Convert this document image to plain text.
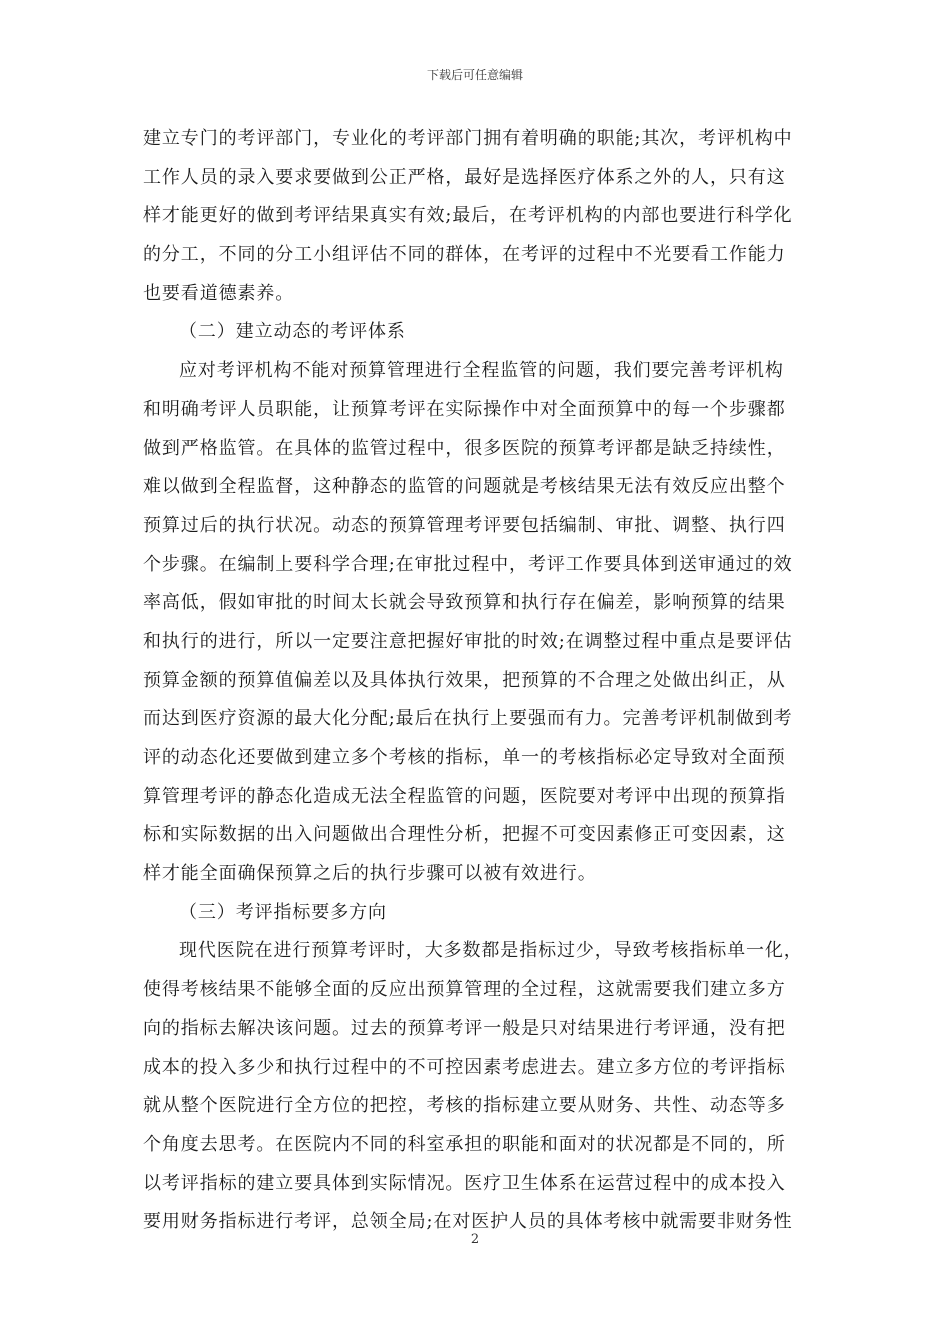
下载后可任意编辑
建立专门的考评部门，专业化的考评部门拥有着明确的职能;其次，考评机构中
工作人员的录入要求要做到公正严格，最好是选择医疗体系之外的人，只有这
样才能更好的做到考评结果真实有效;最后，在考评机构的内部也要进行科学化
的分工，不同的分工小组评估不同的群体，在考评的过程中不光要看工作能力
也要看道德素养。
（二）建立动态的考评体系
应对考评机构不能对预算管理进行全程监管的问题，我们要完善考评机构
和明确考评人员职能，让预算考评在实际操作中对全面预算中的每一个步骤都
做到严格监管。在具体的监管过程中，很多医院的预算考评都是缺乏持续性，
难以做到全程监督，这种静态的监管的问题就是考核结果无法有效反应出整个
预算过后的执行状况。动态的预算管理考评要包括编制、审批、调整、执行四
个步骤。在编制上要科学合理;在审批过程中，考评工作要具体到送审通过的效
率高低，假如审批的时间太长就会导致预算和执行存在偏差，影响预算的结果
和执行的进行，所以一定要注意把握好审批的时效;在调整过程中重点是要评估
预算金额的预算值偏差以及具体执行效果，把预算的不合理之处做出纠正，从
而达到医疗资源的最大化分配;最后在执行上要强而有力。完善考评机制做到考
评的动态化还要做到建立多个考核的指标，单一的考核指标必定导致对全面预
算管理考评的静态化造成无法全程监管的问题，医院要对考评中出现的预算指
标和实际数据的出入问题做出合理性分析，把握不可变因素修正可变因素，这
样才能全面确保预算之后的执行步骤可以被有效进行。
（三）考评指标要多方向
现代医院在进行预算考评时，大多数都是指标过少，导致考核指标单一化，
使得考核结果不能够全面的反应出预算管理的全过程，这就需要我们建立多方
向的指标去解决该问题。过去的预算考评一般是只对结果进行考评通，没有把
成本的投入多少和执行过程中的不可控因素考虑进去。建立多方位的考评指标
就从整个医院进行全方位的把控，考核的指标建立要从财务、共性、动态等多
个角度去思考。在医院内不同的科室承担的职能和面对的状况都是不同的，所
以考评指标的建立要具体到实际情况。医疗卫生体系在运营过程中的成本投入
要用财务指标进行考评，总领全局;在对医护人员的具体考核中就需要非财务性
2
